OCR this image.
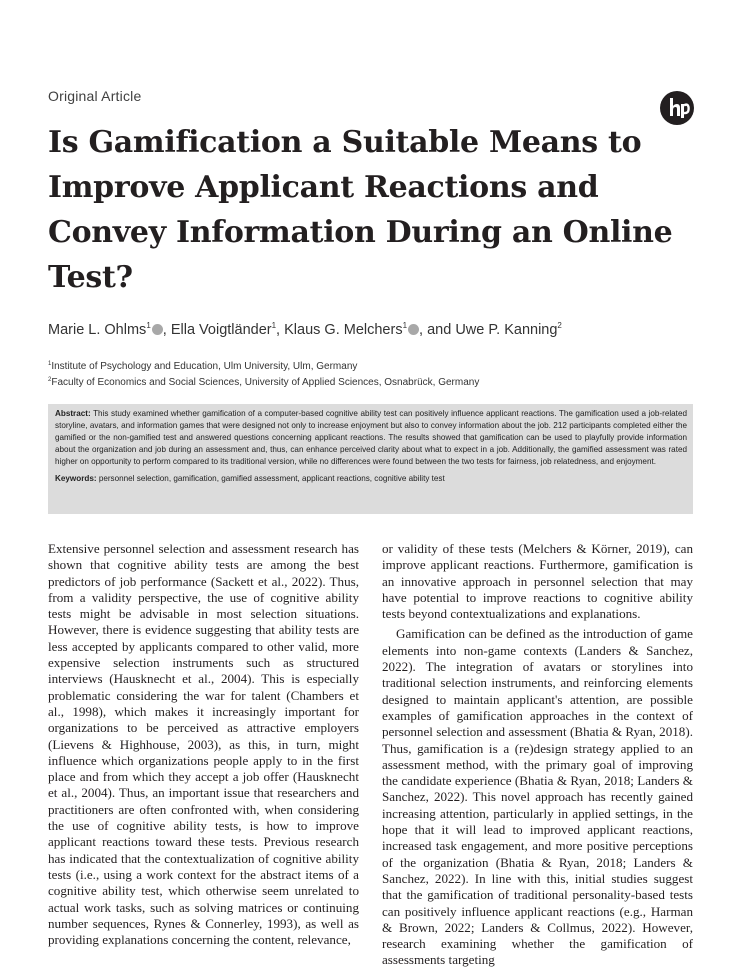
Original Article
Is Gamification a Suitable Means to Improve Applicant Reactions and Convey Information During an Online Test?
Marie L. Ohlms$^1$ , Ella Voigtländer$^1$, Klaus G. Melchers$^1$ , and Uwe P. Kanning$^2$
$^1$Institute of Psychology and Education, Ulm University, Ulm, Germany
$^2$Faculty of Economics and Social Sciences, University of Applied Sciences, Osnabrück, Germany

Abstract: This study examined whether gamification of a computer-based cognitive ability test can positively influence applicant reactions. The gamification used a job-related storyline, avatars, and information games that were designed not only to increase enjoyment but also to convey information about the job. 212 participants completed either the gamified or the non-gamified test and answered questions concerning applicant reactions. The results showed that gamification can be used to playfully provide information about the organization and job during an assessment and, thus, can enhance perceived clarity about what to expect in a job. Additionally, the gamified assessment was rated higher on opportunity to perform compared to its traditional version, while no differences were found between the two tests for fairness, job relatedness, and enjoyment.

Keywords: personnel selection, gamification, gamified assessment, applicant reactions, cognitive ability test

Extensive personnel selection and assessment research has shown that cognitive ability tests are among the best predictors of job performance (Sackett et al., 2022). Thus, from a validity perspective, the use of cognitive ability tests might be advisable in most selection situations. However, there is evidence suggesting that ability tests are less accepted by applicants compared to other valid, more expensive selection instruments such as structured interviews (Hausknecht et al., 2004). This is especially problematic considering the war for talent (Chambers et al., 1998), which makes it increasingly important for organizations to be perceived as attractive employers (Lievens & Highhouse, 2003), as this, in turn, might influence which organizations people apply to in the first place and from which they accept a job offer (Hausknecht et al., 2004). Thus, an important issue that researchers and practitioners are often confronted with, when considering the use of cognitive ability tests, is how to improve applicant reactions toward these tests. Previous research has indicated that the contextualization of cognitive ability tests (i.e., using a work context for the abstract items of a cognitive ability test, which otherwise seem unrelated to actual work tasks, such as solving matrices or continuing number sequences, Rynes & Connerley, 1993), as well as providing explanations concerning the content, relevance,

or validity of these tests (Melchers & Körner, 2019), can improve applicant reactions. Furthermore, gamification is an innovative approach in personnel selection that may have potential to improve reactions to cognitive ability tests beyond contextualizations and explanations.

Gamification can be defined as the introduction of game elements into non-game contexts (Landers & Sanchez, 2022). The integration of avatars or storylines into traditional selection instruments, and reinforcing elements designed to maintain applicant's attention, are possible examples of gamification approaches in the context of personnel selection and assessment (Bhatia & Ryan, 2018). Thus, gamification is a (re)design strategy applied to an assessment method, with the primary goal of improving the candidate experience (Bhatia & Ryan, 2018; Landers & Sanchez, 2022). This novel approach has recently gained increasing attention, particularly in applied settings, in the hope that it will lead to improved applicant reactions, increased task engagement, and more positive perceptions of the organization (Bhatia & Ryan, 2018; Landers & Sanchez, 2022). In line with this, initial studies suggest that the gamification of traditional personality-based tests can positively influence applicant reactions (e.g., Harman & Brown, 2022; Landers & Collmus, 2022). However, research examining whether the gamification of assessments targeting
